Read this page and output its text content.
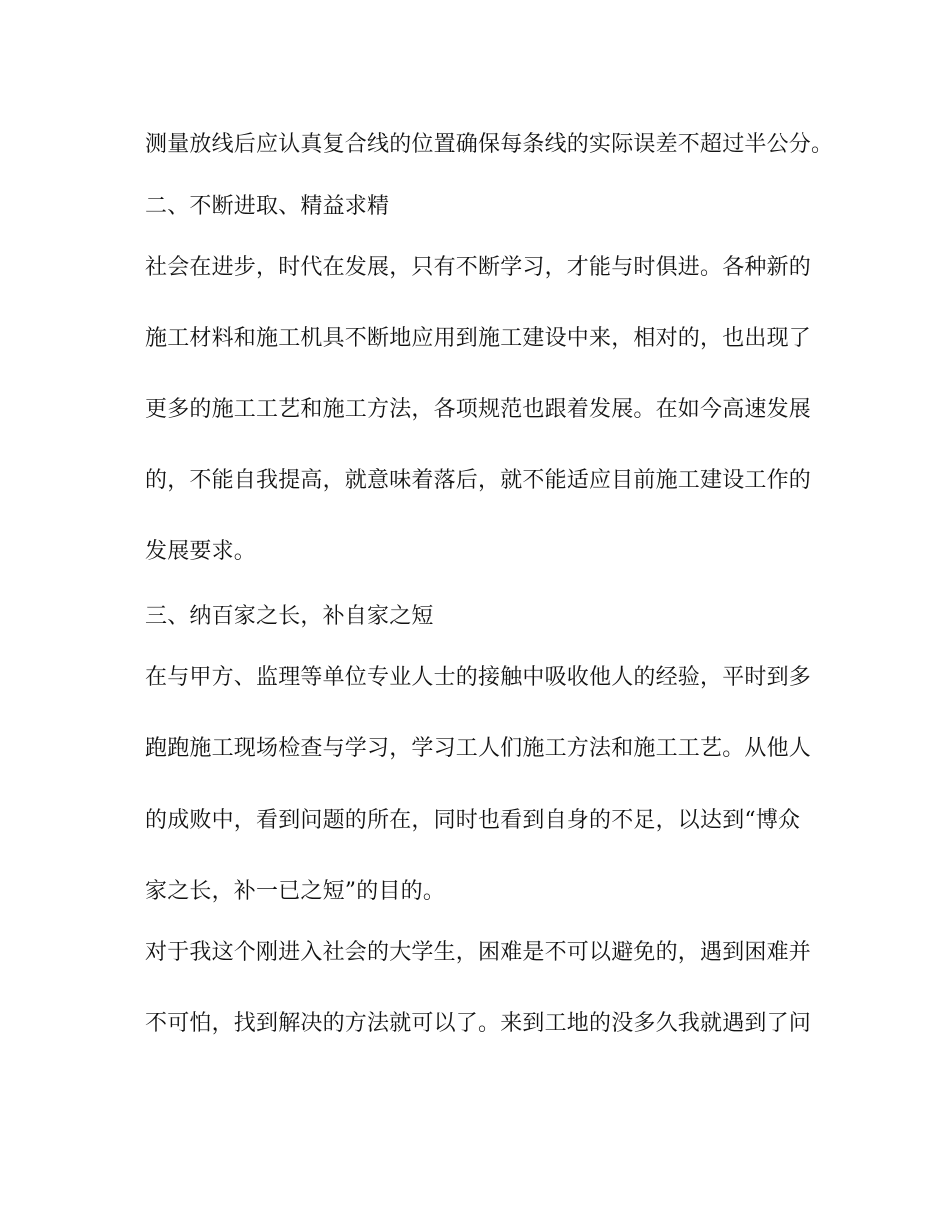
测量放线后应认真复合线的位置确保每条线的实际误差不超过半公分。
二、不断进取、精益求精
社会在进步，时代在发展，只有不断学习，才能与时俱进。各种新的
施工材料和施工机具不断地应用到施工建设中来，相对的，也出现了
更多的施工工艺和施工方法，各项规范也跟着发展。在如今高速发展
的，不能自我提高，就意味着落后，就不能适应目前施工建设工作的
发展要求。
三、纳百家之长，补自家之短
在与甲方、监理等单位专业人士的接触中吸收他人的经验，平时到多
跑跑施工现场检查与学习，学习工人们施工方法和施工工艺。从他人
的成败中，看到问题的所在，同时也看到自身的不足，以达到“博众
家之长，补一已之短”的目的。
对于我这个刚进入社会的大学生，困难是不可以避免的，遇到困难并
不可怕，找到解决的方法就可以了。来到工地的没多久我就遇到了问
